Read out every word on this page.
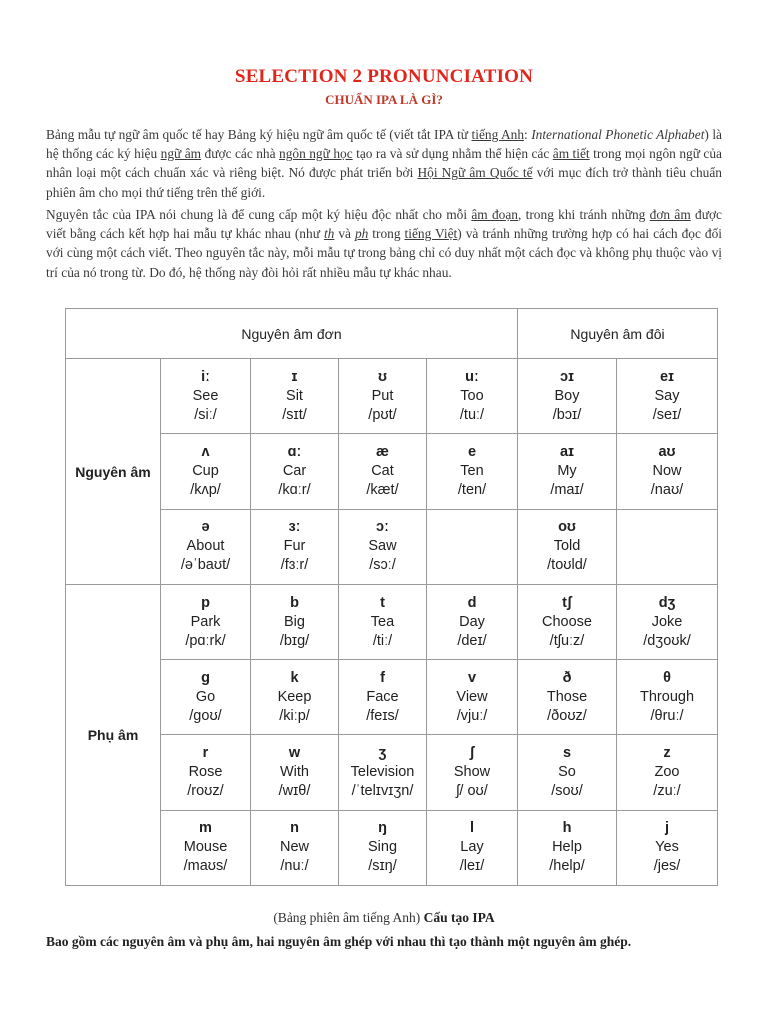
SELECTION 2 PRONUNCIATION
CHUẨN IPA LÀ GÌ?

Bảng mẫu tự ngữ âm quốc tế hay Bảng ký hiệu ngữ âm quốc tế (viết tắt IPA từ tiếng Anh: International Phonetic Alphabet) là hệ thống các ký hiệu ngữ âm được các nhà ngôn ngữ học tạo ra và sử dụng nhằm thể hiện các âm tiết trong mọi ngôn ngữ của nhân loại một cách chuẩn xác và riêng biệt. Nó được phát triển bởi Hội Ngữ âm Quốc tế với mục đích trở thành tiêu chuẩn phiên âm cho mọi thứ tiếng trên thế giới.

Nguyên tắc của IPA nói chung là để cung cấp một ký hiệu độc nhất cho mỗi âm đoạn, trong khi tránh những đơn âm được viết bằng cách kết hợp hai mẫu tự khác nhau (như th và ph trong tiếng Việt) và tránh những trường hợp có hai cách đọc đối với cùng một cách viết. Theo nguyên tắc này, mỗi mẫu tự trong bảng chỉ có duy nhất một cách đọc và không phụ thuộc vào vị trí của nó trong từ. Do đó, hệ thống này đòi hỏi rất nhiều mẫu tự khác nhau.

Nguyên âm đơn					Nguyên âm đôi	
Nguyên âm	iː
See
/siː/	ɪ
Sit
/sɪt/	ʊ
Put
/pʊt/	uː
Too
/tuː/	ɔɪ
Boy
/bɔɪ/	eɪ
Say
/seɪ/

	ʌ
Cup
/kʌp/	ɑː
Car
/kɑːr/	æ
Cat
/kæt/	e
Ten
/ten/	aɪ
My
/maɪ/	aʊ
Now
/naʊ/

	ə
About
/əˈbaʊt/	ɜː
Fur
/fɜːr/	ɔː
Saw
/sɔː/		oʊ
Told
/toʊld/	

Phụ âm	p
Park
/pɑːrk/	b
Big
/bɪg/	t
Tea
/tiː/	d
Day
/deɪ/	tʃ
Choose
/tʃuːz/	dʒ
Joke
/dʒoʊk/

	g
Go
/goʊ/	k
Keep
/kiːp/	f
Face
/feɪs/	v
View
/vjuː/	ð
Those
/ðoʊz/	θ
Through
/θruː/

	r
Rose
/roʊz/	w
With
/wɪθ/	ʒ
Television
/ˈtelɪvɪʒn/	ʃ
Show
ʃ/ oʊ/	s
So
/soʊ/	z
Zoo
/zuː/

	m
Mouse
/maʊs/	n
New
/nuː/	ŋ
Sing
/sɪŋ/	l
Lay
/leɪ/	h
Help
/help/	j
Yes
/jes/
(Bảng phiên âm tiếng Anh) Cấu tạo IPA
Bao gồm các nguyên âm và phụ âm, hai nguyên âm ghép với nhau thì tạo thành một nguyên âm ghép.
